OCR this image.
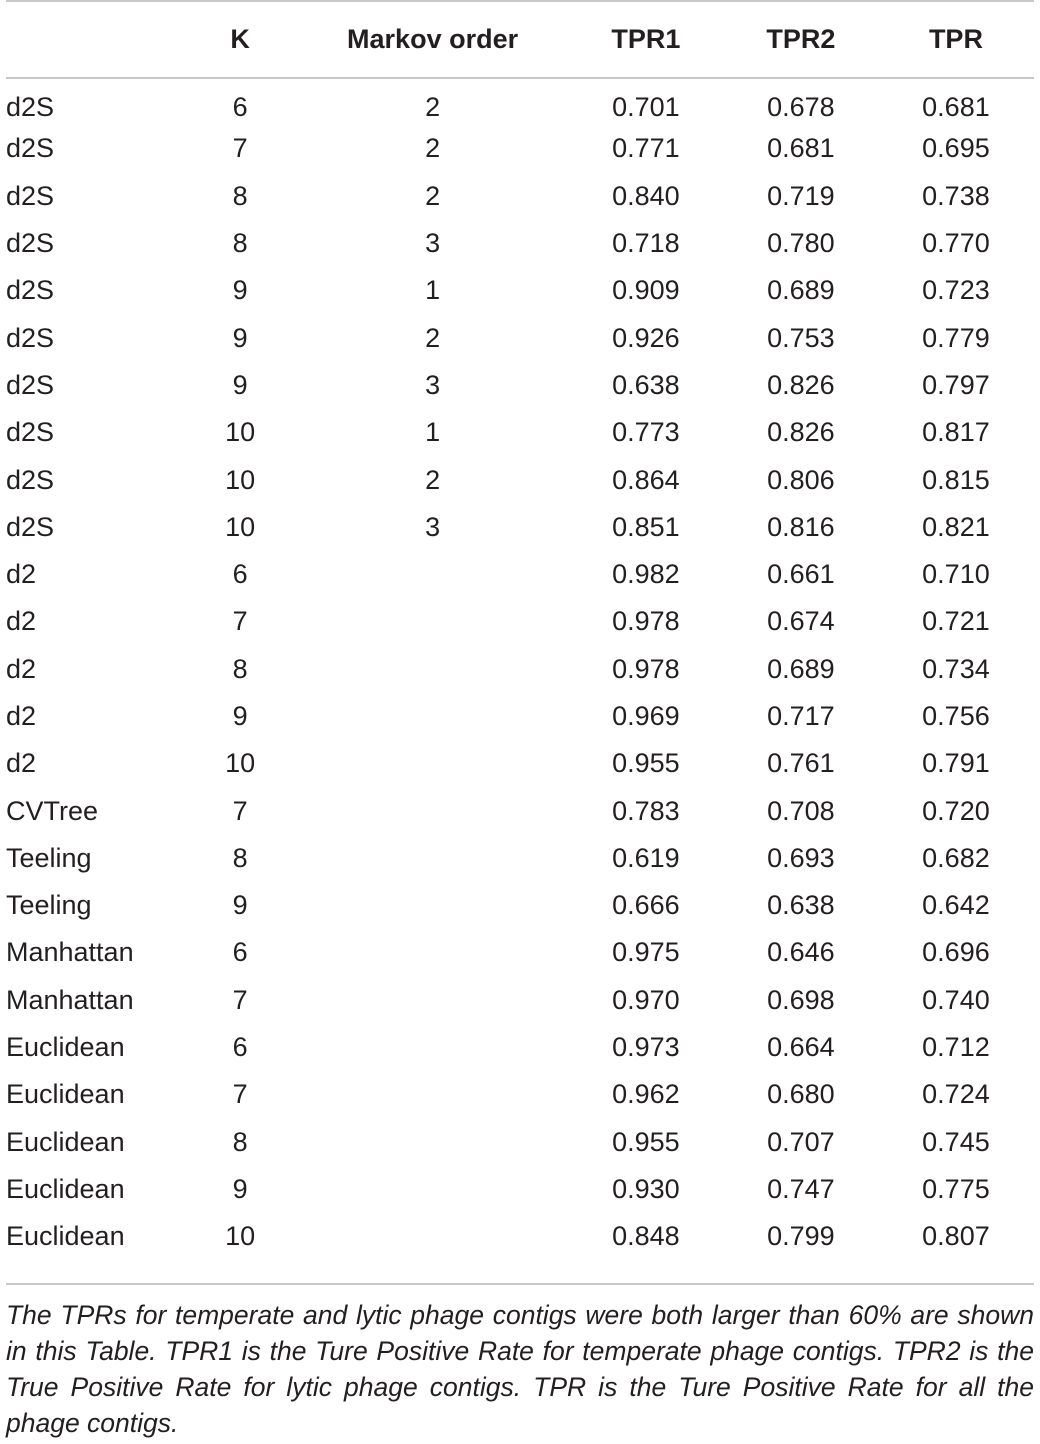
	K	Markov order	TPR1	TPR2	TPR
d2S	6	2	0.701	0.678	0.681
d2S	7	2	0.771	0.681	0.695
d2S	8	2	0.840	0.719	0.738
d2S	8	3	0.718	0.780	0.770
d2S	9	1	0.909	0.689	0.723
d2S	9	2	0.926	0.753	0.779
d2S	9	3	0.638	0.826	0.797
d2S	10	1	0.773	0.826	0.817
d2S	10	2	0.864	0.806	0.815
d2S	10	3	0.851	0.816	0.821
d2	6		0.982	0.661	0.710
d2	7		0.978	0.674	0.721
d2	8		0.978	0.689	0.734
d2	9		0.969	0.717	0.756
d2	10		0.955	0.761	0.791
CVTree	7		0.783	0.708	0.720
Teeling	8		0.619	0.693	0.682
Teeling	9		0.666	0.638	0.642
Manhattan	6		0.975	0.646	0.696
Manhattan	7		0.970	0.698	0.740
Euclidean	6		0.973	0.664	0.712
Euclidean	7		0.962	0.680	0.724
Euclidean	8		0.955	0.707	0.745
Euclidean	9		0.930	0.747	0.775
Euclidean	10		0.848	0.799	0.807
The TPRs for temperate and lytic phage contigs were both larger than 60% are shown in this Table. TPR1 is the Ture Positive Rate for temperate phage contigs. TPR2 is the True Positive Rate for lytic phage contigs. TPR is the Ture Positive Rate for all the phage contigs.
